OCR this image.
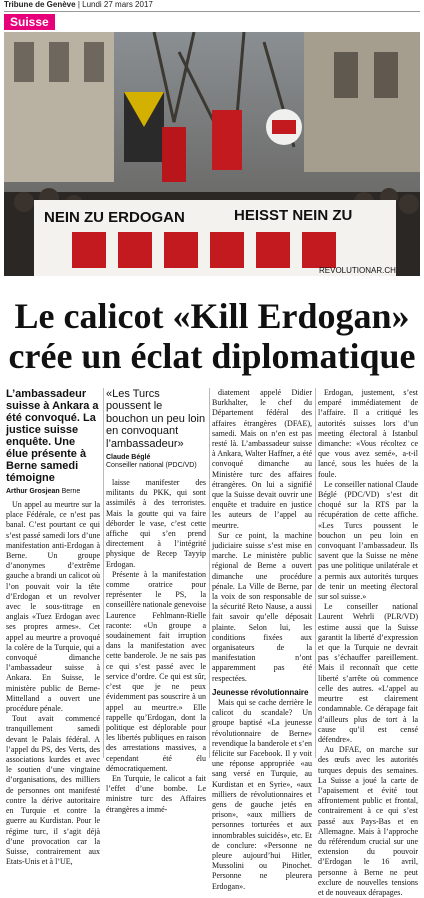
Tribune de Genève | Lundi 27 mars 2017
Suisse
NEIN ZU ERDOGAN	HEISST NEIN ZU
REVOLUTIONAR.CH
Le calicot «Kill Erdogan»
crée un éclat diplomatique
L’ambassadeur suisse à Ankara a été convoqué. La justice suisse enquête. Une élue présente à Berne samedi témoigne
Arthur Grosjean Berne

Un appel au meurtre sur la place Fédérale, ce n’est pas banal. C’est pourtant ce qui s’est passé samedi lors d’une manifestation anti-Erdogan à Berne. Un groupe d’anonymes d’extrême gauche a brandi un calicot où l’on pouvait voir la tête d’Erdogan et un revolver avec le sous-titrage en anglais «Tuez Erdogan avec ses propres armes». Cet appel au meurtre a provoqué la colère de la Turquie, qui a convoqué dimanche l’ambassadeur suisse à Ankara. En Suisse, le ministère public de Berne-Mittelland a ouvert une procédure pénale.

Tout avait commencé tranquillement samedi devant le Palais fédéral. A l’appel du PS, des Verts, des associations kurdes et avec le soutien d’une vingtaine d’organisations, des milliers de personnes ont manifesté contre la dérive autoritaire en Turquie et contre la guerre au Kurdistan. Pour le régime turc, il s’agit déjà d’une provocation car la Suisse, contrairement aux Etats-Unis et à l’UE,

«Les Turcs poussent le bouchon un peu loin en convoquant l’ambassadeur»
Claude Béglé
Conseiller national (PDC/VD)

laisse manifester des militants du PKK, qui sont assimilés à des terroristes. Mais la goutte qui va faire déborder le vase, c’est cette affiche qui s’en prend directement à l’intégrité physique de Recep Tayyip Erdogan.

Présente à la manifestation comme oratrice pour représenter le PS, la conseillère nationale genevoise Laurence Fehlmann-Rielle raconte: «Un groupe a soudainement fait irruption dans la manifestation avec cette banderole. Je ne sais pas ce qui s’est passé avec le service d’ordre. Ce qui est sûr, c’est que je ne peux évidemment pas souscrire à un appel au meurtre.» Elle rappelle qu’Erdogan, dont la politique est déplorable pour les libertés publiques en raison des arrestations massives, a cependant été élu démocratiquement.

En Turquie, le calicot a fait l’effet d’une bombe. Le ministre turc des Affaires étrangères a immé-

diatement appelé Didier Burkhalter, le chef du Département fédéral des affaires étrangères (DFAE), samedi. Mais on n’en est pas resté là. L’ambassadeur suisse à Ankara, Walter Haffner, a été convoqué dimanche au Ministère turc des affaires étrangères. On lui a signifié que la Suisse devait ouvrir une enquête et traduire en justice les auteurs de l’appel au meurtre.

Sur ce point, la machine judiciaire suisse s’est mise en marche. Le ministère public régional de Berne a ouvert dimanche une procédure pénale. La Ville de Berne, par la voix de son responsable de la sécurité Reto Nause, a aussi fait savoir qu’elle déposait plainte. Selon lui, les conditions fixées aux organisateurs de la manifestation n’ont apparemment pas été respectées.

Jeunesse révolutionnaire

Mais qui se cache derrière le calicot du scandale? Un groupe baptisé «La jeunesse révolutionnaire de Berne» revendique la banderole et s’en félicite sur Facebook. Il y voit une réponse appropriée «au sang versé en Turquie, au Kurdistan et en Syrie», «aux milliers de révolutionnaires et gens de gauche jetés en prison», «aux milliers de personnes torturées et aux innombrables suicidés», etc. Et de conclure: «Personne ne pleure aujourd’hui Hitler, Mussolini ou Pinochet. Personne ne pleurera Erdogan».

Erdogan, justement, s’est emparé immédiatement de l’affaire. Il a critiqué les autorités suisses lors d’un meeting électoral à Istanbul dimanche: «Vous récoltez ce que vous avez semé», a-t-il lancé, sous les huées de la foule.

Le conseiller national Claude Béglé (PDC/VD) s’est dit choqué sur la RTS par la récupération de cette affiche. «Les Turcs poussent le bouchon un peu loin en convoquant l’ambassadeur. Ils savent que la Suisse ne mène pas une politique unilatérale et a permis aux autorités turques de tenir un meeting électoral sur sol suisse.»

Le conseiller national Laurent Wehrli (PLR/VD) estime aussi que la Suisse garantit la liberté d’expression et que la Turquie ne devrait pas s’échauffer pareillement. Mais il reconnaît que cette liberté s’arrête où commence celle des autres. «L’appel au meurtre est clairement condamnable. Ce dérapage fait d’ailleurs plus de tort à la cause qu’il est censé défendre».

Au DFAE, on marche sur des œufs avec les autorités turques depuis des semaines. La Suisse a joué la carte de l’apaisement et évité tout affrontement public et frontal, contrairement à ce qui s’est passé aux Pays-Bas et en Allemagne. Mais à l’approche du référendum crucial sur une extension du pouvoir d’Erdogan le 16 avril, personne à Berne ne peut exclure de nouvelles tensions et de nouveaux dérapages.
